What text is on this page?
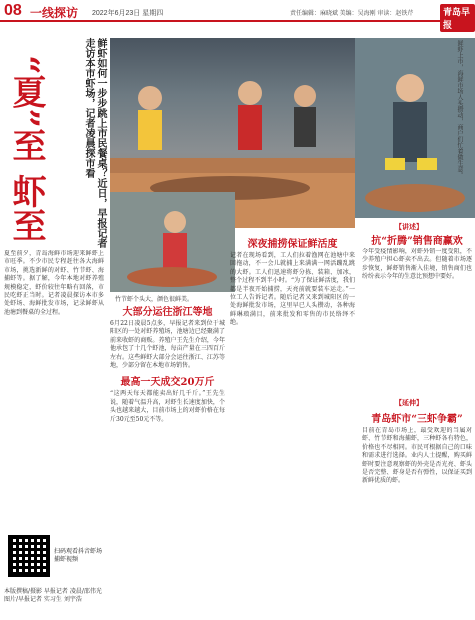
08 一线探访 2022年6月23日 星期四	责任编辑：麻晓斌 美编：吴海刚 审读：赵铁芹	青岛早报
“夏”至 虾至	鲜虾如何一步步跳上市民餐桌？近日，早报记者走访本市虾场，记者凌晨探市看
竹节虾个头大，颜色很鲜美。
鲜虾上市，海鲜市场人头攒动，商户们忙着做生意。
夏至前夕，青岛海鲜市场迎来鲜虾上市旺季。不少市民专程赶往各大海鲜市场，挑选新鲜的对虾、竹节虾、海捕虾等。据了解，今年本地对虾养殖规模稳定，虾价较往年略有回落，市民吃虾正当时。记者凌晨探访本市多处虾场、海鲜批发市场，记录鲜虾从池塘到餐桌的全过程。	大部分运往浙江等地
6月22日凌晨5点多，早报记者来到位于城阳区的一处对虾养殖场，池塘边已经聚满了前来收虾的商贩。养殖户王先生介绍，今年他承包了十几个虾池，每亩产量在三四百斤左右。这些鲜虾大部分会运往浙江、江苏等地，少部分留在本地市场销售。
最高一天成交20万斤
“这两天每天都能卖出好几千斤。”王先生说，随着气温升高，对虾生长速度加快，个头也越来越大，目前市场上的对虾价格在每斤30元至50元不等。
深夜捕捞保证鲜活度
记者在现场看到，工人们拉着渔网在池塘中来回拖动，不一会儿就捕上来满满一网活蹦乱跳的大虾。工人们迅速将虾分拣、装箱、加冰，整个过程不到半小时。“为了保证鲜活度，我们都是半夜开始捕捞，天亮前就要装车运走。”一位工人告诉记者。随后记者又来到城阳区的一处海鲜批发市场，这里早已人头攒动，各种海鲜琳琅满目，前来批发和零售的市民络绎不绝。
【讲述】
抗“折腾”销售商赢欢
今年受疫情影响，对虾外销一度受阻，不少养殖户担心虾卖不出去。但随着市场逐步恢复，鲜虾销售渐入佳境，销售商们也纷纷表示今年的生意比预想中要好。
【延伸】
青岛虾市“三虾争霸”
目前在青岛市场上，最受欢迎的当属对虾、竹节虾和海捕虾，三种虾各有特色，价格也不尽相同。市民可根据自己的口味和需求进行选择。业内人士提醒，购买鲜虾时要注意观察虾的外壳是否光亮、虾头是否完整、虾身是否有弹性，以保证买到新鲜优质的虾。
扫码观看抖音虾场捕虾视频
本版撰稿/摄影 早报记者 凌晨/邵伟光 图片/早报记者 实习生 刘宇浩
